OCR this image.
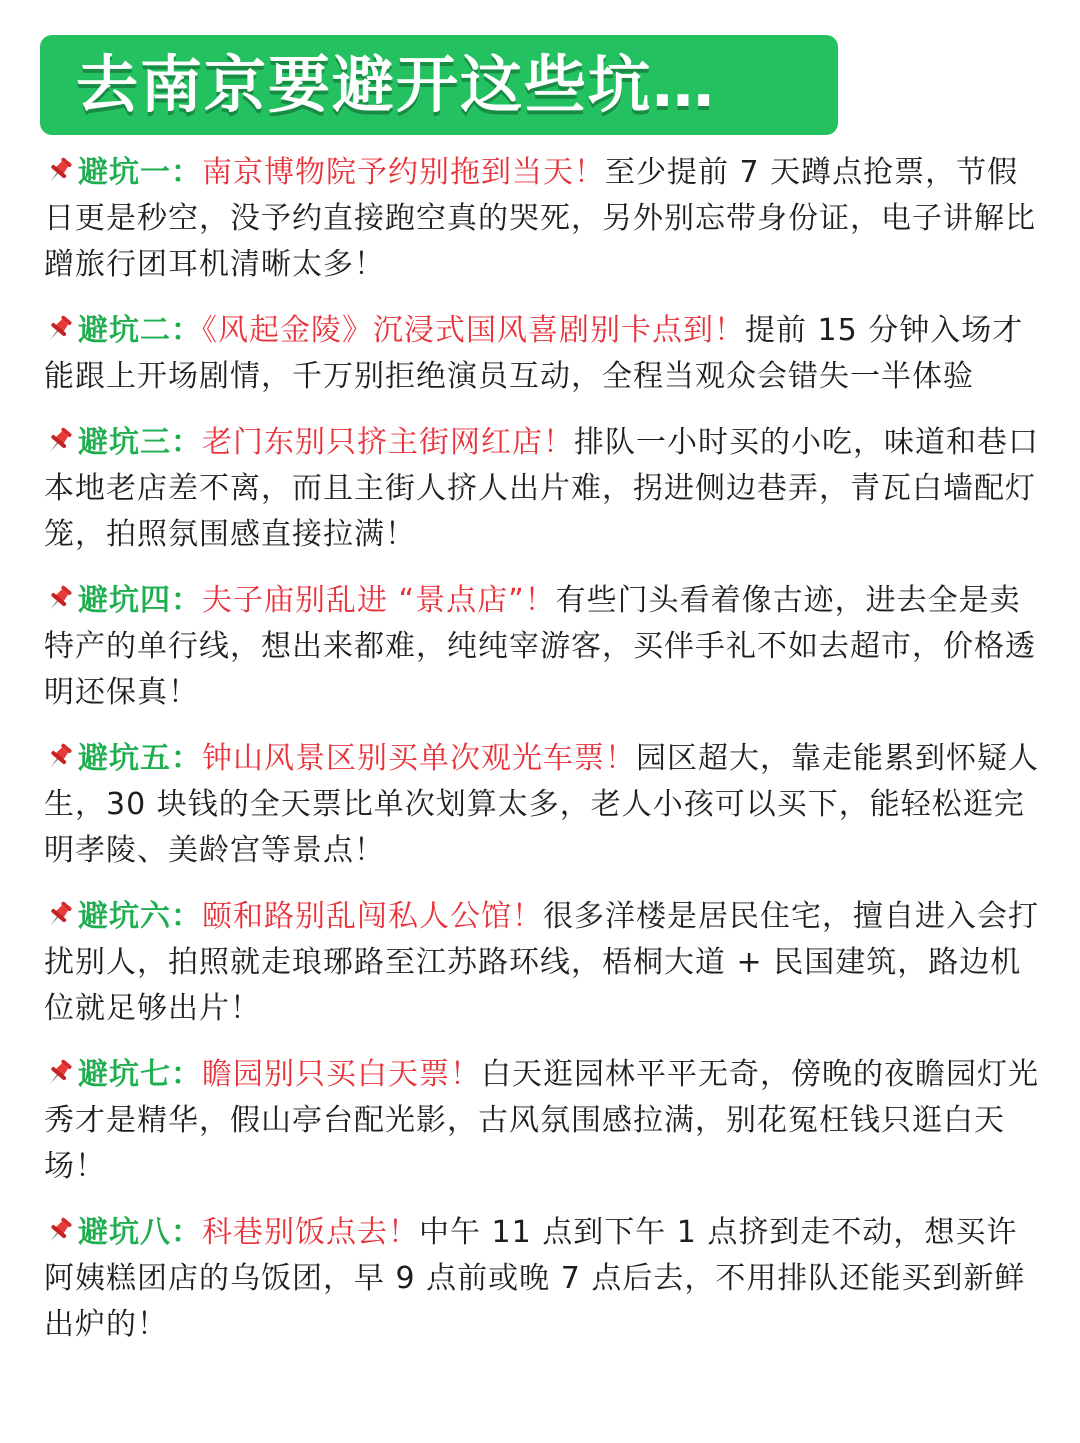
去南京要避开这些坑…
避坑一：南京博物院予约别拖到当天！至少提前 7 天蹲点抢票，节假日更是秒空，没予约直接跑空真的哭死，另外别忘带身份证，电子讲解比蹭旅行团耳机清晰太多！
避坑二：《风起金陵》沉浸式国风喜剧别卡点到！提前 15 分钟入场才能跟上开场剧情，千万别拒绝演员互动，全程当观众会错失一半体验
避坑三：老门东别只挤主街网红店！排队一小时买的小吃，味道和巷口本地老店差不离，而且主街人挤人出片难，拐进侧边巷弄，青瓦白墙配灯笼，拍照氛围感直接拉满！
避坑四：夫子庙别乱进 “景点店”！有些门头看着像古迹，进去全是卖特产的单行线，想出来都难，纯纯宰游客，买伴手礼不如去超市，价格透明还保真！
避坑五：钟山风景区别买单次观光车票！园区超大，靠走能累到怀疑人生，30 块钱的全天票比单次划算太多，老人小孩可以买下，能轻松逛完明孝陵、美龄宫等景点！
避坑六：颐和路别乱闯私人公馆！很多洋楼是居民住宅，擅自进入会打扰别人，拍照就走琅琊路至江苏路环线，梧桐大道 + 民国建筑，路边机位就足够出片！
避坑七：瞻园别只买白天票！白天逛园林平平无奇，傍晚的夜瞻园灯光秀才是精华，假山亭台配光影，古风氛围感拉满，别花冤枉钱只逛白天场！
避坑八：科巷别饭点去！中午 11 点到下午 1 点挤到走不动，想买许阿姨糕团店的乌饭团，早 9 点前或晚 7 点后去，不用排队还能买到新鲜出炉的！
